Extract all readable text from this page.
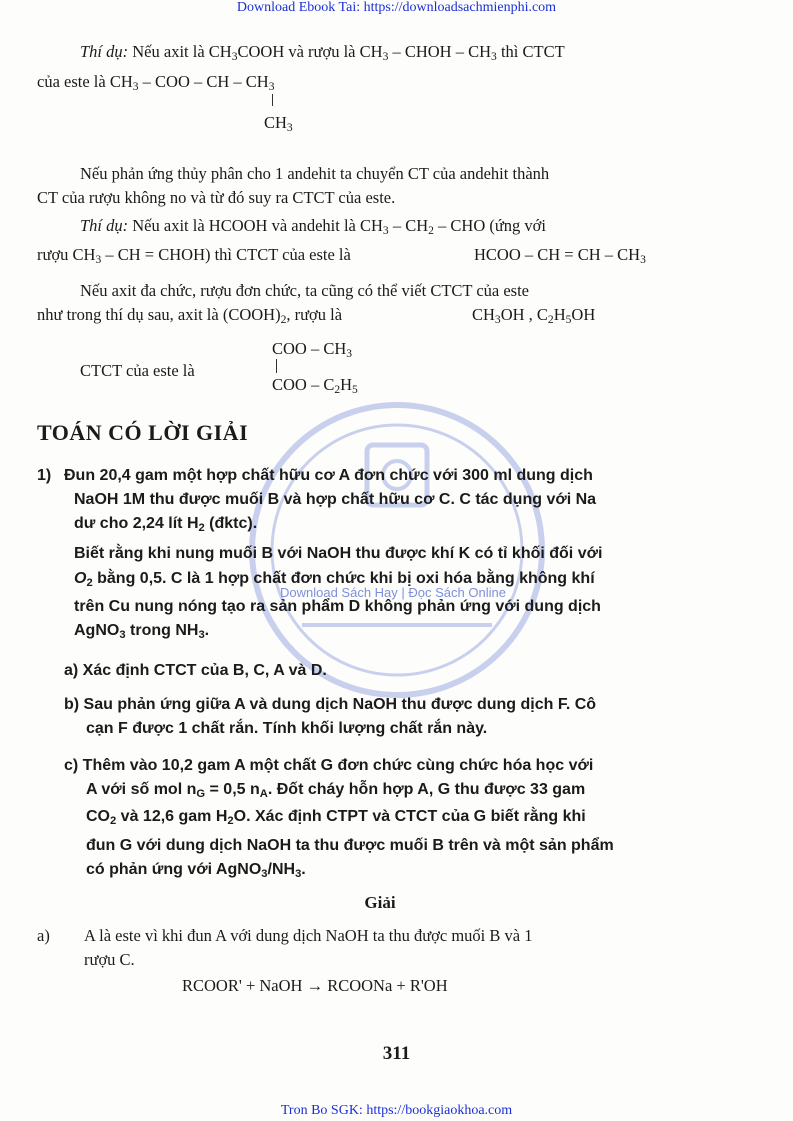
Download Ebook Tai: https://downloadsachmienphi.com
Tron Bo SGK: https://bookgiaokhoa.com
Download Sách Hay | Đọc Sách Online
Thí dụ: Nếu axit là $CH_3COOH$ và rượu là $CH_3$ – CHOH – $CH_3$ thì CTCT
của este là $CH_3$ – COO – CH – $CH_3$
$CH_3$
Nếu phản ứng thủy phân cho 1 andehit ta chuyển CT của andehit thành
CT của rượu không no và từ đó suy ra CTCT của este.
Thí dụ: Nếu axit là HCOOH và andehit là $CH_3 - CH_2$ – CHO (ứng với
rượu $CH_3$ – CH = CHOH) thì CTCT của este là	HCOO – CH = CH – $CH_3$
Nếu axit đa chức, rượu đơn chức, ta cũng có thể viết CTCT của este
như trong thí dụ sau, axit là $(COOH)_2$, rượu là	$CH_3OH$ , $C_2H_5OH$
CTCT của este là
COO – $CH_3$
COO – $C_2H_5$
TOÁN CÓ LỜI GIẢI
1) Đun 20,4 gam một hợp chất hữu cơ A đơn chức với 300 ml dung dịch
NaOH 1M thu được muối B và hợp chất hữu cơ C. C tác dụng với Na
dư cho 2,24 lít $H_2$ (đktc).
Biết rằng khi nung muối B với NaOH thu được khí K có tỉ khối đối với
$O_2$ bằng 0,5. C là 1 hợp chất đơn chức khi bị oxi hóa bằng không khí
trên Cu nung nóng tạo ra sản phẩm D không phản ứng với dung dịch
AgNO$_3$ trong $NH_3$.
a) Xác định CTCT của B, C, A và D.
b) Sau phản ứng giữa A và dung dịch NaOH thu được dung dịch F. Cô
cạn F được 1 chất rắn. Tính khối lượng chất rắn này.
c) Thêm vào 10,2 gam A một chất G đơn chức cùng chức hóa học với
A với số mol $n_G = 0,5$ $n_A$. Đốt cháy hỗn hợp A, G thu được 33 gam
$CO_2$ và 12,6 gam $H_2O$. Xác định CTPT và CTCT của G biết rằng khi
đun G với dung dịch NaOH ta thu được muối B trên và một sản phẩm
có phản ứng với $AgNO_3/NH_3$.
Giải
a) A là este vì khi đun A với dung dịch NaOH ta thu được muối B và 1
rượu C.
RCOOR' + NaOH → RCOONa + R'OH
311
